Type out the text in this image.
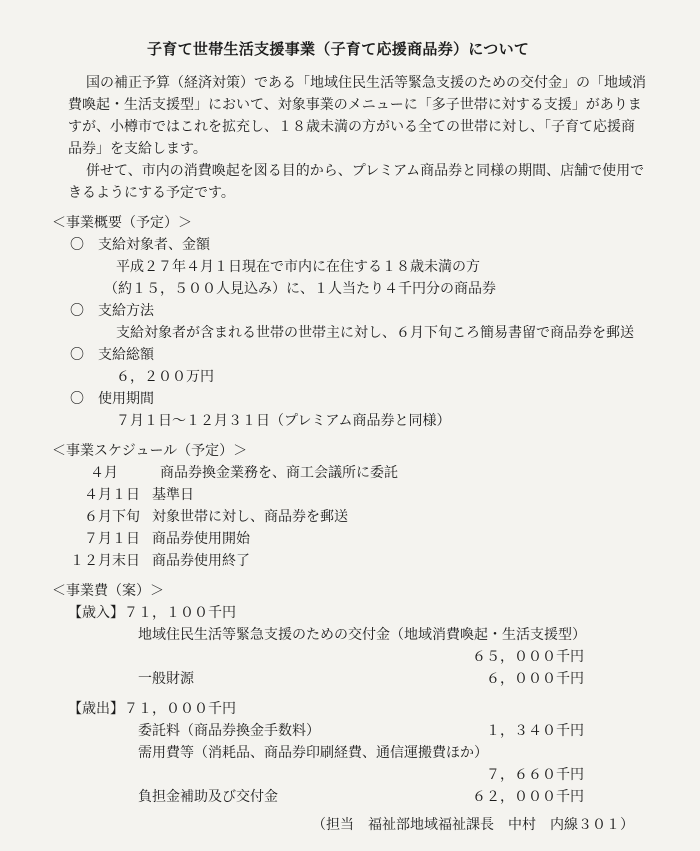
子育て世帯生活支援事業（子育て応援商品券）について
国の補正予算（経済対策）である「地域住民生活等緊急支援のための交付金」の「地域消
費喚起・生活支援型」において、対象事業のメニューに「多子世帯に対する支援」がありま
すが、小樽市ではこれを拡充し、１８歳未満の方がいる全ての世帯に対し、「子育て応援商
品券」を支給します。
併せて、市内の消費喚起を図る目的から、プレミアム商品券と同様の期間、店舗で使用で
きるようにする予定です。
＜事業概要（予定）＞
〇 支給対象者、金額
平成２７年４月１日現在で市内に在住する１８歳未満の方
（約１５，５００人見込み）に、１人当たり４千円分の商品券
〇 支給方法
支給対象者が含まれる世帯の世帯主に対し、６月下旬ころ簡易書留で商品券を郵送
〇 支給総額
６，２００万円
〇 使用期間
７月１日～１２月３１日（プレミアム商品券と同様）
＜事業スケジュール（予定）＞
４月	商品券換金業務を、商工会議所に委託
４月１日 基準日
６月下旬 対象世帯に対し、商品券を郵送
７月１日 商品券使用開始
１２月末日 商品券使用終了
＜事業費（案）＞
【歳入】７１，１００千円
地域住民生活等緊急支援のための交付金（地域消費喚起・生活支援型）
６５，０００千円
一般財源	６，０００千円
【歳出】７１，０００千円
委託料（商品券換金手数料）	１，３４０千円
需用費等（消耗品、商品券印刷経費、通信運搬費ほか）
７，６６０千円
負担金補助及び交付金	６２，０００千円
（担当　福祉部地域福祉課長　中村　内線３０１）
